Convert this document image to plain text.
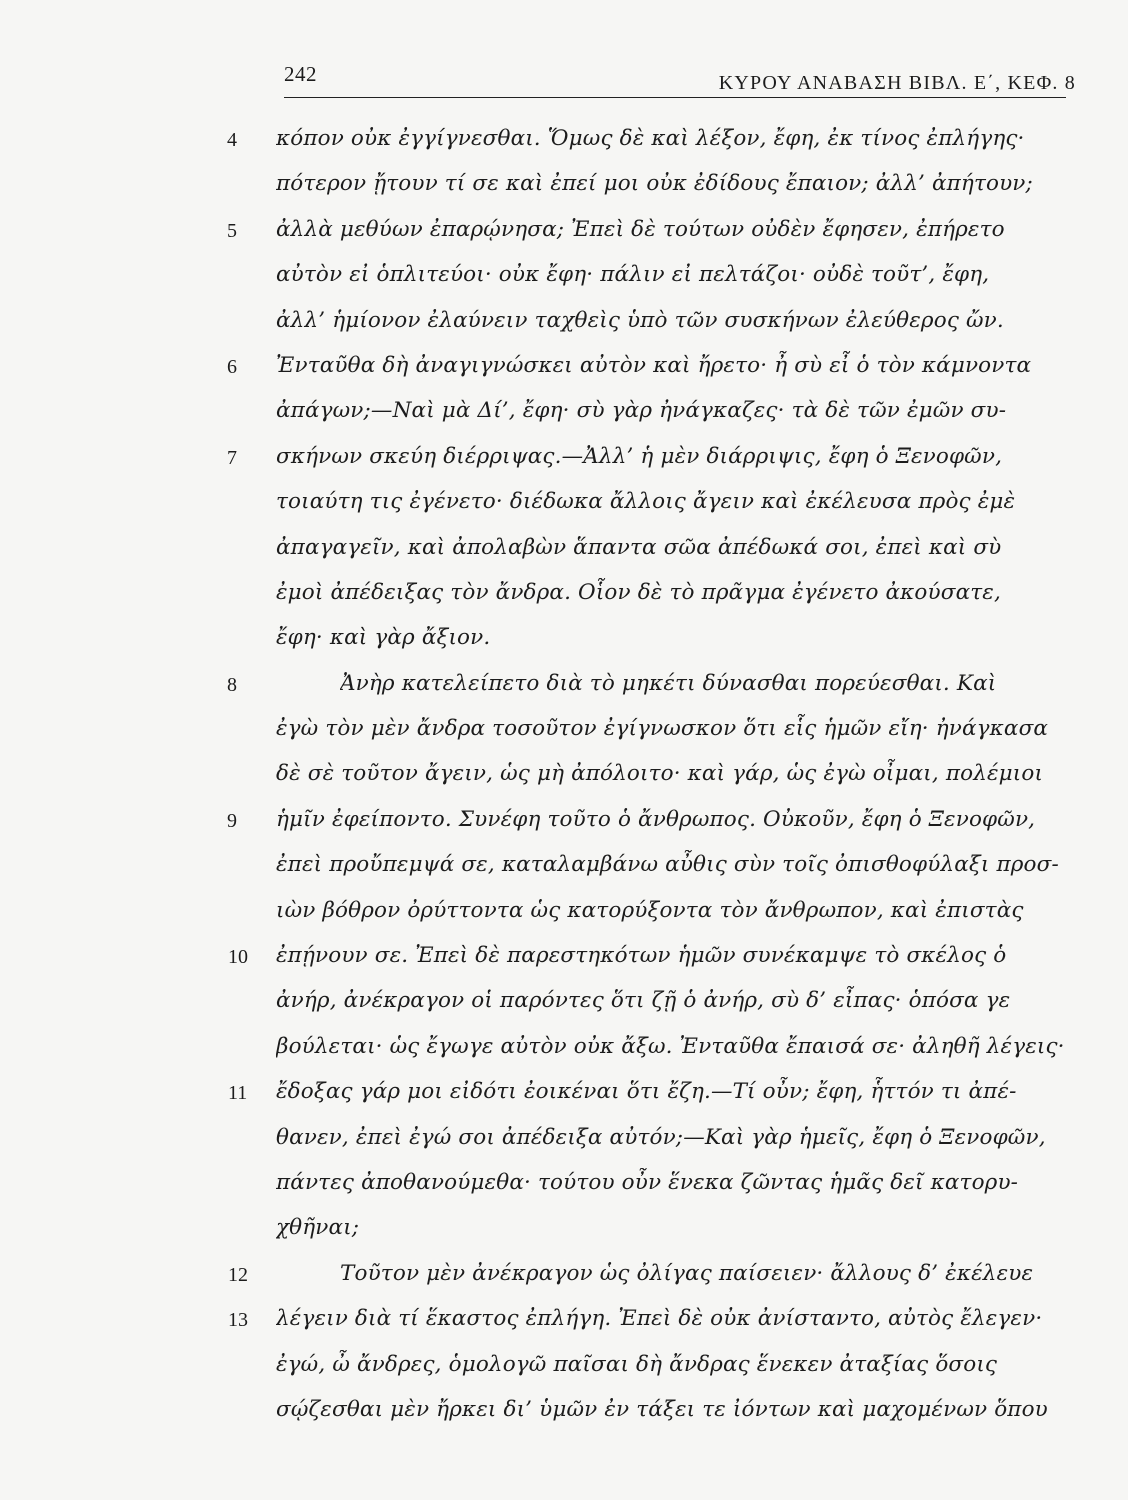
242	ΚΥΡΟΥ ΑΝΑΒΑΣΗ ΒΙΒΛ. Ε΄, ΚΕΦ. 8
4	κόπον οὐκ ἐγγίγνεσθαι. Ὅμως δὲ καὶ λέξον, ἔφη, ἐκ τίνος ἐπλήγης·
πότερον ᾔτουν τί σε καὶ ἐπεί μοι οὐκ ἐδίδους ἔπαιον; ἀλλ’ ἀπήτουν;
5	ἀλλὰ μεθύων ἐπαρῴνησα; Ἐπεὶ δὲ τούτων οὐδὲν ἔφησεν, ἐπήρετο
αὐτὸν εἰ ὁπλιτεύοι· οὐκ ἔφη· πάλιν εἰ πελτάζοι· οὐδὲ τοῦτ’, ἔφη,
ἀλλ’ ἡμίονον ἐλαύνειν ταχθεὶς ὑπὸ τῶν συσκήνων ἐλεύθερος ὤν.
6	Ἐνταῦθα δὴ ἀναγιγνώσκει αὐτὸν καὶ ἤρετο· ἦ σὺ εἶ ὁ τὸν κάμνοντα
ἀπάγων;—Ναὶ μὰ Δί’, ἔφη· σὺ γὰρ ἠνάγκαζες· τὰ δὲ τῶν ἐμῶν συ-
7	σκήνων σκεύη διέρριψας.—Ἀλλ’ ἡ μὲν διάρριψις, ἔφη ὁ Ξενοφῶν,
τοιαύτη τις ἐγένετο· διέδωκα ἄλλοις ἄγειν καὶ ἐκέλευσα πρὸς ἐμὲ
ἀπαγαγεῖν, καὶ ἀπολαβὼν ἅπαντα σῶα ἀπέδωκά σοι, ἐπεὶ καὶ σὺ
ἐμοὶ ἀπέδειξας τὸν ἄνδρα. Οἷον δὲ τὸ πρᾶγμα ἐγένετο ἀκούσατε,
ἔφη· καὶ γὰρ ἄξιον.
8	Ἀνὴρ κατελείπετο διὰ τὸ μηκέτι δύνασθαι πορεύεσθαι. Καὶ
ἐγὼ τὸν μὲν ἄνδρα τοσοῦτον ἐγίγνωσκον ὅτι εἷς ἡμῶν εἴη· ἠνάγκασα
δὲ σὲ τοῦτον ἄγειν, ὡς μὴ ἀπόλοιτο· καὶ γάρ, ὡς ἐγὼ οἶμαι, πολέμιοι
9	ἡμῖν ἐφείποντο. Συνέφη τοῦτο ὁ ἄνθρωπος. Οὐκοῦν, ἔφη ὁ Ξενοφῶν,
ἐπεὶ προὔπεμψά σε, καταλαμβάνω αὖθις σὺν τοῖς ὀπισθοφύλαξι προσ-
ιὼν βόθρον ὀρύττοντα ὡς κατορύξοντα τὸν ἄνθρωπον, καὶ ἐπιστὰς
10	ἐπῄνουν σε. Ἐπεὶ δὲ παρεστηκότων ἡμῶν συνέκαμψε τὸ σκέλος ὁ
ἀνήρ, ἀνέκραγον οἱ παρόντες ὅτι ζῇ ὁ ἀνήρ, σὺ δ’ εἶπας· ὁπόσα γε
βούλεται· ὡς ἔγωγε αὐτὸν οὐκ ἄξω. Ἐνταῦθα ἔπαισά σε· ἀληθῆ λέγεις·
11	ἔδοξας γάρ μοι εἰδότι ἐοικέναι ὅτι ἔζη.—Τί οὖν; ἔφη, ἧττόν τι ἀπέ-
θανεν, ἐπεὶ ἐγώ σοι ἀπέδειξα αὐτόν;—Καὶ γὰρ ἡμεῖς, ἔφη ὁ Ξενοφῶν,
πάντες ἀποθανούμεθα· τούτου οὖν ἕνεκα ζῶντας ἡμᾶς δεῖ κατορυ-
χθῆναι;
12	Τοῦτον μὲν ἀνέκραγον ὡς ὀλίγας παίσειεν· ἄλλους δ’ ἐκέλευε
13	λέγειν διὰ τί ἕκαστος ἐπλήγη. Ἐπεὶ δὲ οὐκ ἀνίσταντο, αὐτὸς ἔλεγεν·
ἐγώ, ὦ ἄνδρες, ὁμολογῶ παῖσαι δὴ ἄνδρας ἕνεκεν ἀταξίας ὅσοις
σῴζεσθαι μὲν ἤρκει δι’ ὑμῶν ἐν τάξει τε ἰόντων καὶ μαχομένων ὅπου
